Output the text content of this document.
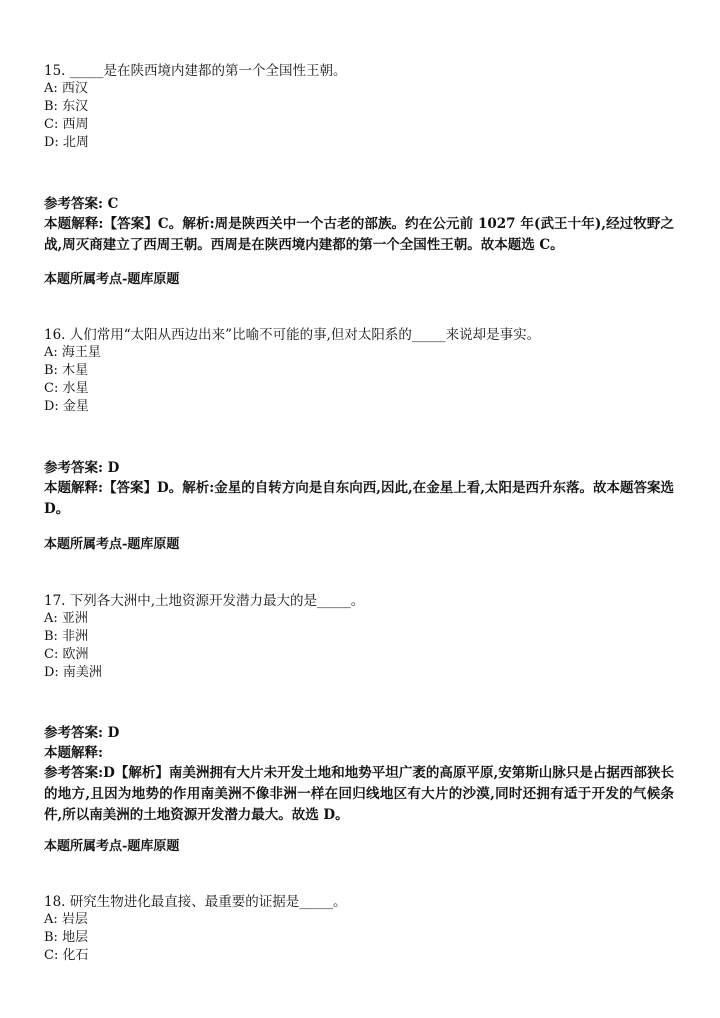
15. _____是在陕西境内建都的第一个全国性王朝。
A: 西汉
B: 东汉
C: 西周
D: 北周
参考答案: C
本题解释:【答案】C。解析:周是陕西关中一个古老的部族。约在公元前 1027 年(武王十年),经过牧野之战,周灭商建立了西周王朝。西周是在陕西境内建都的第一个全国性王朝。故本题选 C。
本题所属考点-题库原题
16. 人们常用“太阳从西边出来”比喻不可能的事,但对太阳系的_____来说却是事实。
A: 海王星
B: 木星
C: 水星
D: 金星
参考答案: D
本题解释:【答案】D。解析:金星的自转方向是自东向西,因此,在金星上看,太阳是西升东落。故本题答案选 D。
本题所属考点-题库原题
17. 下列各大洲中,土地资源开发潜力最大的是_____。
A: 亚洲
B: 非洲
C: 欧洲
D: 南美洲
参考答案: D
本题解释:
参考答案:D【解析】南美洲拥有大片未开发土地和地势平坦广袤的高原平原,安第斯山脉只是占据西部狭长的地方,且因为地势的作用南美洲不像非洲一样在回归线地区有大片的沙漠,同时还拥有适于开发的气候条件,所以南美洲的土地资源开发潜力最大。故选 D。
本题所属考点-题库原题
18. 研究生物进化最直接、最重要的证据是_____。
A: 岩层
B: 地层
C: 化石
